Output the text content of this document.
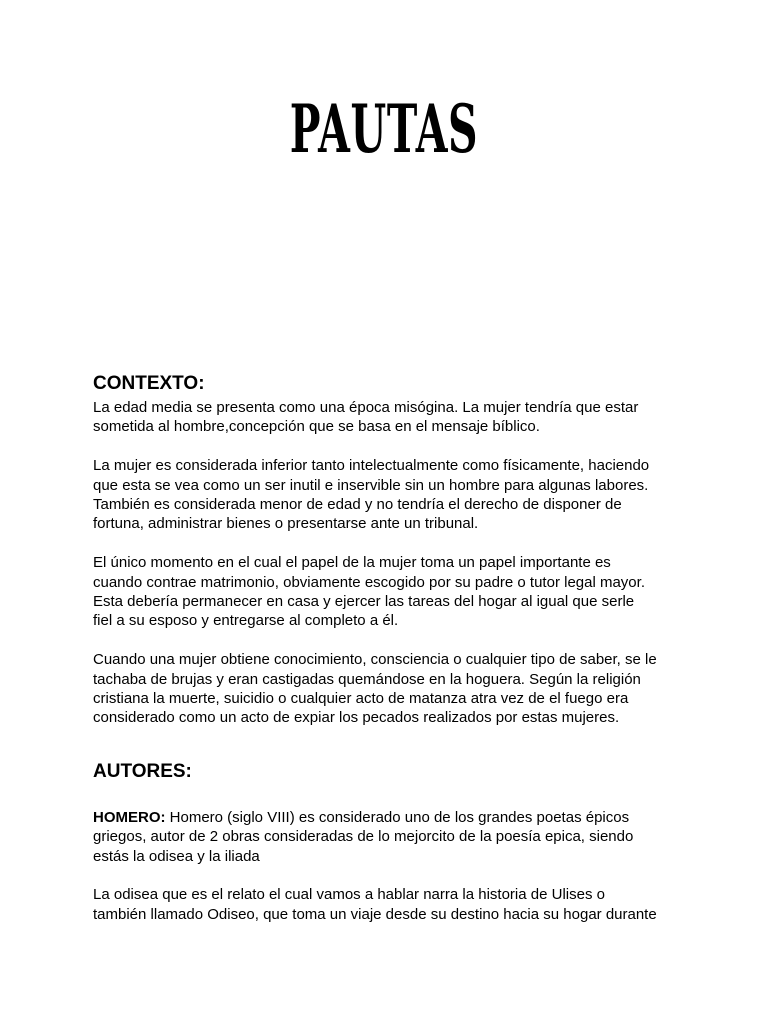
PAUTAS
CONTEXTO:

La edad media se presenta como una época misógina. La mujer tendría que estar
sometida al hombre,concepción que se basa en el mensaje bíblico.

La mujer es considerada inferior tanto intelectualmente como físicamente, haciendo
que esta se vea como un ser inutil e inservible sin un hombre para algunas labores.
También es considerada menor de edad y no tendría el derecho de disponer de
fortuna, administrar bienes o presentarse ante un tribunal.

El único momento en el cual el papel de la mujer toma un papel importante es
cuando contrae matrimonio, obviamente escogido por su padre o tutor legal mayor.
Esta debería permanecer en casa y ejercer las tareas del hogar al igual que serle
fiel a su esposo y entregarse al completo a él.

Cuando una mujer obtiene conocimiento, consciencia o cualquier tipo de saber, se le
tachaba de brujas y eran castigadas quemándose en la hoguera. Según la religión
cristiana la muerte, suicidio o cualquier acto de matanza atra vez de el fuego era
considerado como un acto de expiar los pecados realizados por estas mujeres.

AUTORES:

HOMERO: Homero (siglo VIII) es considerado uno de los grandes poetas épicos
griegos, autor de 2 obras consideradas de lo mejorcito de la poesía epica, siendo
estás la odisea y la iliada

La odisea que es el relato el cual vamos a hablar narra la historia de Ulises o
también llamado Odiseo, que toma un viaje desde su destino hacia su hogar durante
